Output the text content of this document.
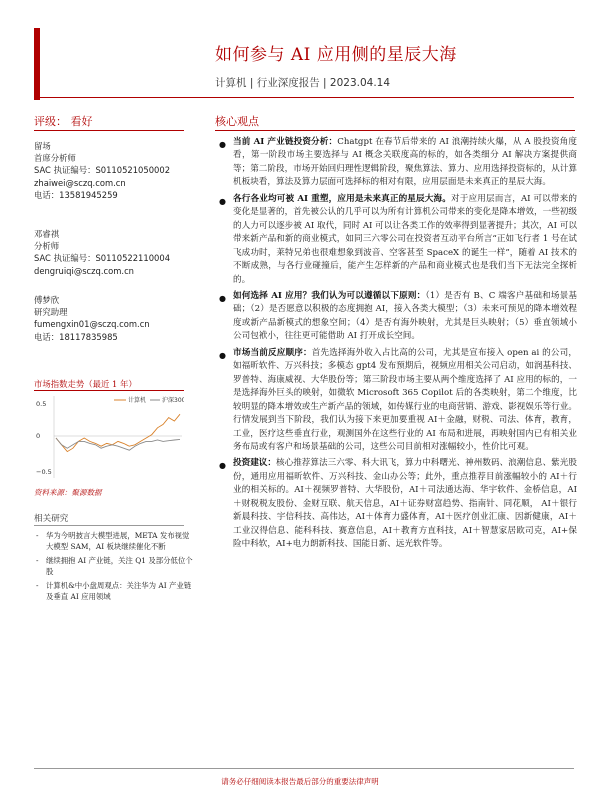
如何参与 AI 应用侧的星辰大海
计算机 | 行业深度报告 | 2023.04.14
评级： 看好	核心观点
留场
首席分析师
SAC 执证编号：S0110521050002
zhaiwei@sczq.com.cn
电话：13581945259
邓睿祺
分析师
SAC 执证编号：S0110522110004
dengruiqi@sczq.com.cn
傅梦欣
研究助理
fumengxin01@sczq.com.cn
电话：18117835985
市场指数走势（最近 1 年）
0.5
0
−0.5
计算机	沪深300
资料来源：聚源数据
相关研究
- 华为今明披言大模型进展，META 发布视觉大模型 SAM，AI 板块继续催化不断
- 继续拥抱 AI 产业链，关注 Q1 及部分低位个股
- 计算机&中小盘周观点：关注华为 AI 产业链及垂直 AI 应用领域
● 当前 AI 产业链投资分析：Chatgpt 在春节后带来的 AI 浪潮持续火爆，从 A 股投资角度看，第一阶段市场主要选择与 AI 概念关联度高的标的，如各类细分 AI 解决方案提供商等；第二阶段，市场开始回归理性逻辑阶段，聚焦算法、算力、应用选择投资标的，从计算机板块看，算法及算力层面可选择标的相对有限，应用层面是未来真正的星辰大海。
● 各行各业均可被 AI 重塑，应用是未来真正的星辰大海。对于应用层而言，AI 可以带来的变化是显著的，首先被公认的几乎可以为所有计算机公司带来的变化是降本增效，一些初级的人力可以逐步被 AI 取代，同时 AI 可以让各类工作的效率得到显著提升；其次，AI 可以带来新产品和新的商业模式，如同三六零公司在投资者互动平台所言“正如飞行者 1 号在试飞成功时，莱特兄弟也很难想象到波音、空客甚至 SpaceX 的诞生一样”，随着 AI 技术的不断成熟，与各行业碰撞后，能产生怎样新的产品和商业模式也是我们当下无法完全探析的。
● 如何选择 AI 应用？我们认为可以遵循以下原则：（1）是否有 B、C 端客户基础和场景基础；（2）是否愿意以积极的态度拥抱 AI，接入各类大模型；（3）未来可预见的降本增效程度或新产品新模式的想象空间；（4）是否有海外映射，尤其是巨头映射；（5）垂直领域小公司包袱小，往往更可能借助 AI 打开成长空间。
● 市场当前反应顺序：首先选择海外收入占比高的公司，尤其是宣布接入 open ai 的公司，如福昕软件、万兴科技；多模态 gpt4 发布预期后，视频应用相关公司启动，如润基科技、罗普特、海康威视、大华股份等；第三阶段市场主要从两个维度选择了 AI 应用的标的，一是选择海外巨头的映射，如微软 Microsoft 365 Copilot 后的各类映射，第二个维度，比较明显的降本增效或生产新产品的领域，如传媒行业的电商营销、游戏、影视娱乐等行业。行情发展到当下阶段，我们认为接下来更加要重视 AI＋金融，财税、司法、体育，教育，工业，医疗这些垂直行业，观测国外在这些行业的 AI 布局和进展，再映射国内已有相关业务布局或有客户和场景基础的公司，这些公司目前相对涨幅较小，性价比可观。
● 投资建议：核心推荐算法三六零、科大讯飞，算力中科曙光、神州数码、浪潮信息、紫光股份，通用应用福昕软件、万兴科技、金山办公等；此外，重点推荐目前涨幅较小的 AI＋行业的相关标的。AI＋视频罗普特、大华股份，AI＋司法通达海、华宇软件、金桥信息，AI＋财税税友股份、金财互联、航天信息，AI＋证券财富趋势、指南针、同花顺， AI＋银行新晨科技、宇信科技、高伟达，AI＋体育力盛体育，AI＋医疗创业汇康、因新健康，AI＋工业汉得信息、能科科技、赛意信息，AI＋教育方直科技，AI＋智慧家居欧司克，AI+保险中科软，AI+电力朗新科技、国能日新、远光软件等。
请务必仔细阅读本报告最后部分的重要法律声明
